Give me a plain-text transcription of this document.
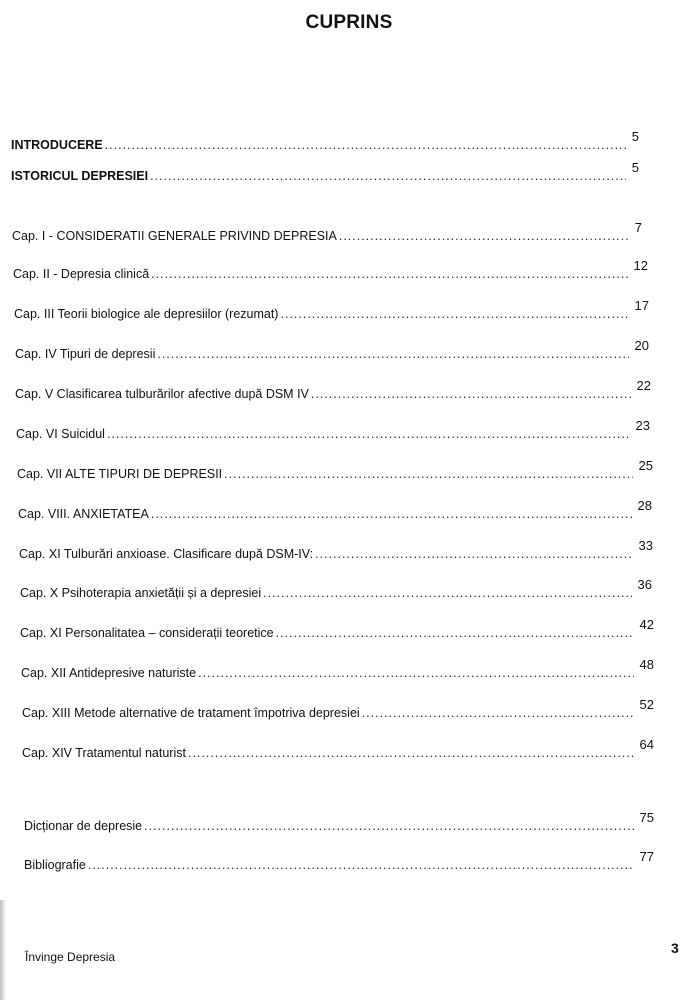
CUPRINS
INTRODUCERE
.....
5
ISTORICUL DEPRESIEI
.....
5
Cap. I - CONSIDERATII GENERALE PRIVIND DEPRESIA
.....
7
Cap. II - Depresia clinică
.....
12
Cap. III Teorii biologice ale depresiilor (rezumat)
.....
17
Cap. IV Tipuri de depresii
.....
20
Cap. V Clasificarea tulburărilor afective după DSM IV
.....
22
Cap. VI Suicidul
.....
23
Cap. VII ALTE TIPURI DE DEPRESII
.....
25
Cap. VIII. ANXIETATEA
.....
28
Cap. XI Tulburări anxioase. Clasificare după DSM-IV:
.....
33
Cap. X Psihoterapia anxietății și a depresiei
.....
36
Cap. XI Personalitatea – considerații teoretice
.....
42
Cap. XII Antidepresive naturiste
.....
48
Cap. XIII Metode alternative de tratament împotriva depresiei
.....
52
Cap. XIV Tratamentul naturist
.....
64
Dicționar de depresie
.....
75
Bibliografie
.....
77
Învinge Depresia
3
